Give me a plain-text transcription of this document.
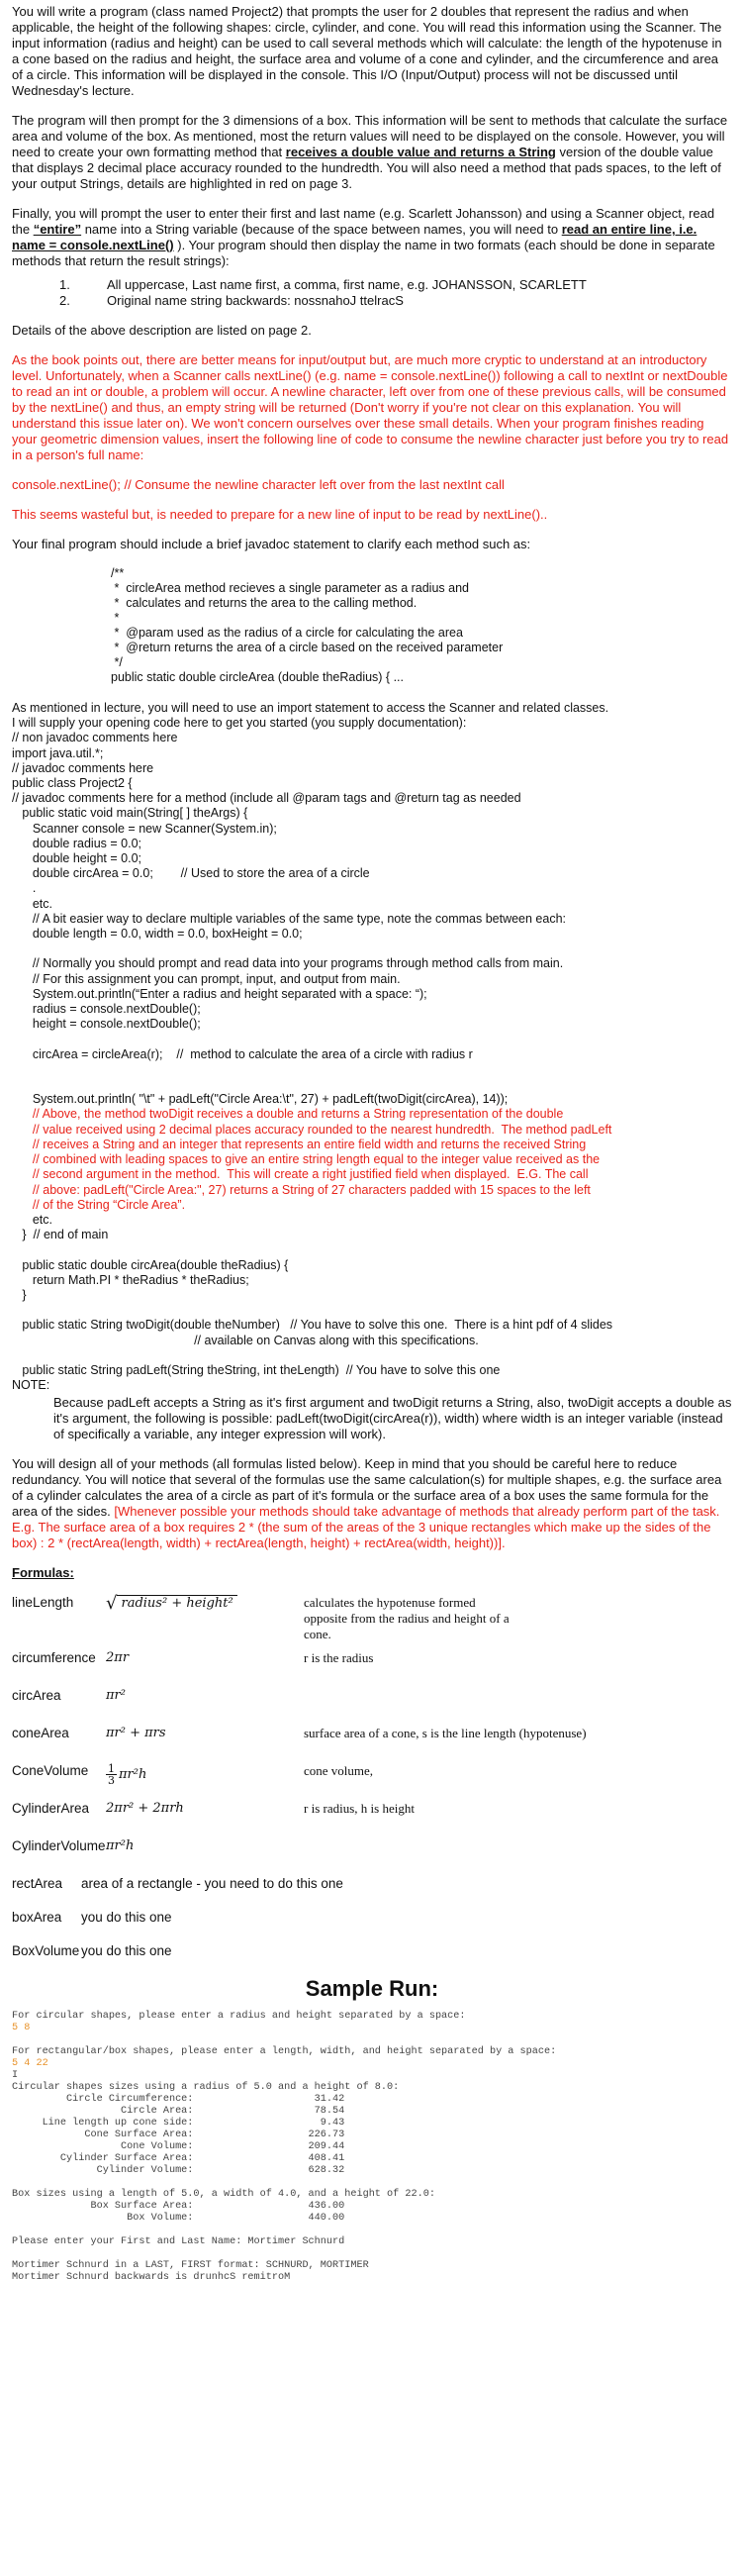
You will write a program (class named Project2) that prompts the user for 2 doubles that represent the radius and when applicable, the height of the following shapes: circle, cylinder, and cone. You will read this information using the Scanner. The input information (radius and height) can be used to call several methods which will calculate: the length of the hypotenuse in a cone based on the radius and height, the surface area and volume of a cone and cylinder, and the circumference and area of a circle. This information will be displayed in the console. This I/O (Input/Output) process will not be discussed until Wednesday's lecture.
The program will then prompt for the 3 dimensions of a box. This information will be sent to methods that calculate the surface area and volume of the box. As mentioned, most the return values will need to be displayed on the console. However, you will need to create your own formatting method that receives a double value and returns a String version of the double value that displays 2 decimal place accuracy rounded to the hundredth. You will also need a method that pads spaces, to the left of your output Strings, details are highlighted in red on page 3.
Finally, you will prompt the user to enter their first and last name (e.g. Scarlett Johansson) and using a Scanner object, read the “entire” name into a String variable (because of the space between names, you will need to read an entire line, i.e. name = console.nextLine() ). Your program should then display the name in two formats (each should be done in separate methods that return the result strings):
1.	All uppercase, Last name first, a comma, first name, e.g. JOHANSSON, SCARLETT
2.	Original name string backwards: nossnahoJ ttelracS
Details of the above description are listed on page 2.
As the book points out, there are better means for input/output but, are much more cryptic to understand at an introductory level. Unfortunately, when a Scanner calls nextLine() (e.g. name = console.nextLine()) following a call to nextInt or nextDouble to read an int or double, a problem will occur. A newline character, left over from one of these previous calls, will be consumed by the nextLine() and thus, an empty string will be returned (Don't worry if you're not clear on this explanation. You will understand this issue later on). We won't concern ourselves over these small details. When your program finishes reading your geometric dimension values, insert the following line of code to consume the newline character just before you try to read in a person's full name:
console.nextLine(); // Consume the newline character left over from the last nextInt call
This seems wasteful but, is needed to prepare for a new line of input to be read by nextLine()..
Your final program should include a brief javadoc statement to clarify each method such as:
/**
*  circleArea method recieves a single parameter as a radius and
*  calculates and returns the area to the calling method.
*
*  @param used as the radius of a circle for calculating the area
*  @return returns the area of a circle based on the received parameter
*/
public static double circleArea (double theRadius) { ...
As mentioned in lecture, you will need to use an import statement to access the Scanner and related classes.
I will supply your opening code here to get you started (you supply documentation):
// non javadoc comments here
import java.util.*;
// javadoc comments here
public class Project2 {
// javadoc comments here for a method (include all @param tags and @return tag as needed
public static void main(String[ ] theArgs) {
Scanner console = new Scanner(System.in);
double radius = 0.0;
double height = 0.0;
double circArea = 0.0;        // Used to store the area of a circle
.
etc.
// A bit easier way to declare multiple variables of the same type, note the commas between each:
double length = 0.0, width = 0.0, boxHeight = 0.0;

// Normally you should prompt and read data into your programs through method calls from main.
// For this assignment you can prompt, input, and output from main.
System.out.println(“Enter a radius and height separated with a space: “);
radius = console.nextDouble();
height = console.nextDouble();

circArea = circleArea(r);    //  method to calculate the area of a circle with radius r

System.out.println( "\t" + padLeft("Circle Area:\t", 27) + padLeft(twoDigit(circArea), 14));
// Above, the method twoDigit receives a double and returns a String representation of the double
// value received using 2 decimal places accuracy rounded to the nearest hundredth.  The method padLeft
// receives a String and an integer that represents an entire field width and returns the received String
// combined with leading spaces to give an entire string length equal to the integer value received as the
// second argument in the method.  This will create a right justified field when displayed.  E.G. The call
// above: padLeft("Circle Area:", 27) returns a String of 27 characters padded with 15 spaces to the left
// of the String “Circle Area”.
etc.
}  // end of main

public static double circArea(double theRadius) {
return Math.PI * theRadius * theRadius;
}

public static String twoDigit(double theNumber)   // You have to solve this one.  There is a hint pdf of 4 slides
// available on Canvas along with this specifications.

public static String padLeft(String theString, int theLength)  // You have to solve this one
NOTE:
Because padLeft accepts a String as it's first argument and twoDigit returns a String, also, twoDigit accepts a double as it's argument, the following is possible: padLeft(twoDigit(circArea(r)), width) where width is an integer variable (instead of specifically a variable, any integer expression will work).
You will design all of your methods (all formulas listed below). Keep in mind that you should be careful here to reduce redundancy. You will notice that several of the formulas use the same calculation(s) for multiple shapes, e.g. the surface area of a cylinder calculates the area of a circle as part of it's formula or the surface area of a box uses the same formula for the area of the sides. [Whenever possible your methods should take advantage of methods that already perform part of the task. E.g. The surface area of a box requires 2 * (the sum of the areas of the 3 unique rectangles which make up the sides of the box) : 2 * (rectArea(length, width) + rectArea(length, height) + rectArea(width, height))].
Formulas:
lineLength	√ radius² + height²	calculates the hypotenuse formed opposite from the radius and height of a cone.
circumference 2πr	r is the radius
circArea	πr²
coneArea	πr² + πrs	surface area of a cone, s is the line length (hypotenuse)
ConeVolume	$\frac{1}{3} \pi r^2h$	cone volume,
CylinderArea	2πr² + 2πrh	r is radius, h is height
CylinderVolume πr²h
rectArea	area of a rectangle - you need to do this one
boxArea	you do this one
BoxVolume you do this one
Sample Run:
For circular shapes, please enter a radius and height separated by a space:
5 8
For rectangular/box shapes, please enter a length, width, and height separated by a space:
5 4 22
I
Circular shapes sizes using a radius of 5.0 and a height of 8.0:
Circle Circumference:                    31.42
Circle Area:                    78.54
Line length up cone side:                     9.43
Cone Surface Area:                   226.73
Cone Volume:                   209.44
Cylinder Surface Area:                   408.41
Cylinder Volume:                   628.32
Box sizes using a length of 5.0, a width of 4.0, and a height of 22.0:
Box Surface Area:                   436.00
Box Volume:                   440.00
Please enter your First and Last Name: Mortimer Schnurd
Mortimer Schnurd in a LAST, FIRST format: SCHNURD, MORTIMER
Mortimer Schnurd backwards is drunhcS remitroM
